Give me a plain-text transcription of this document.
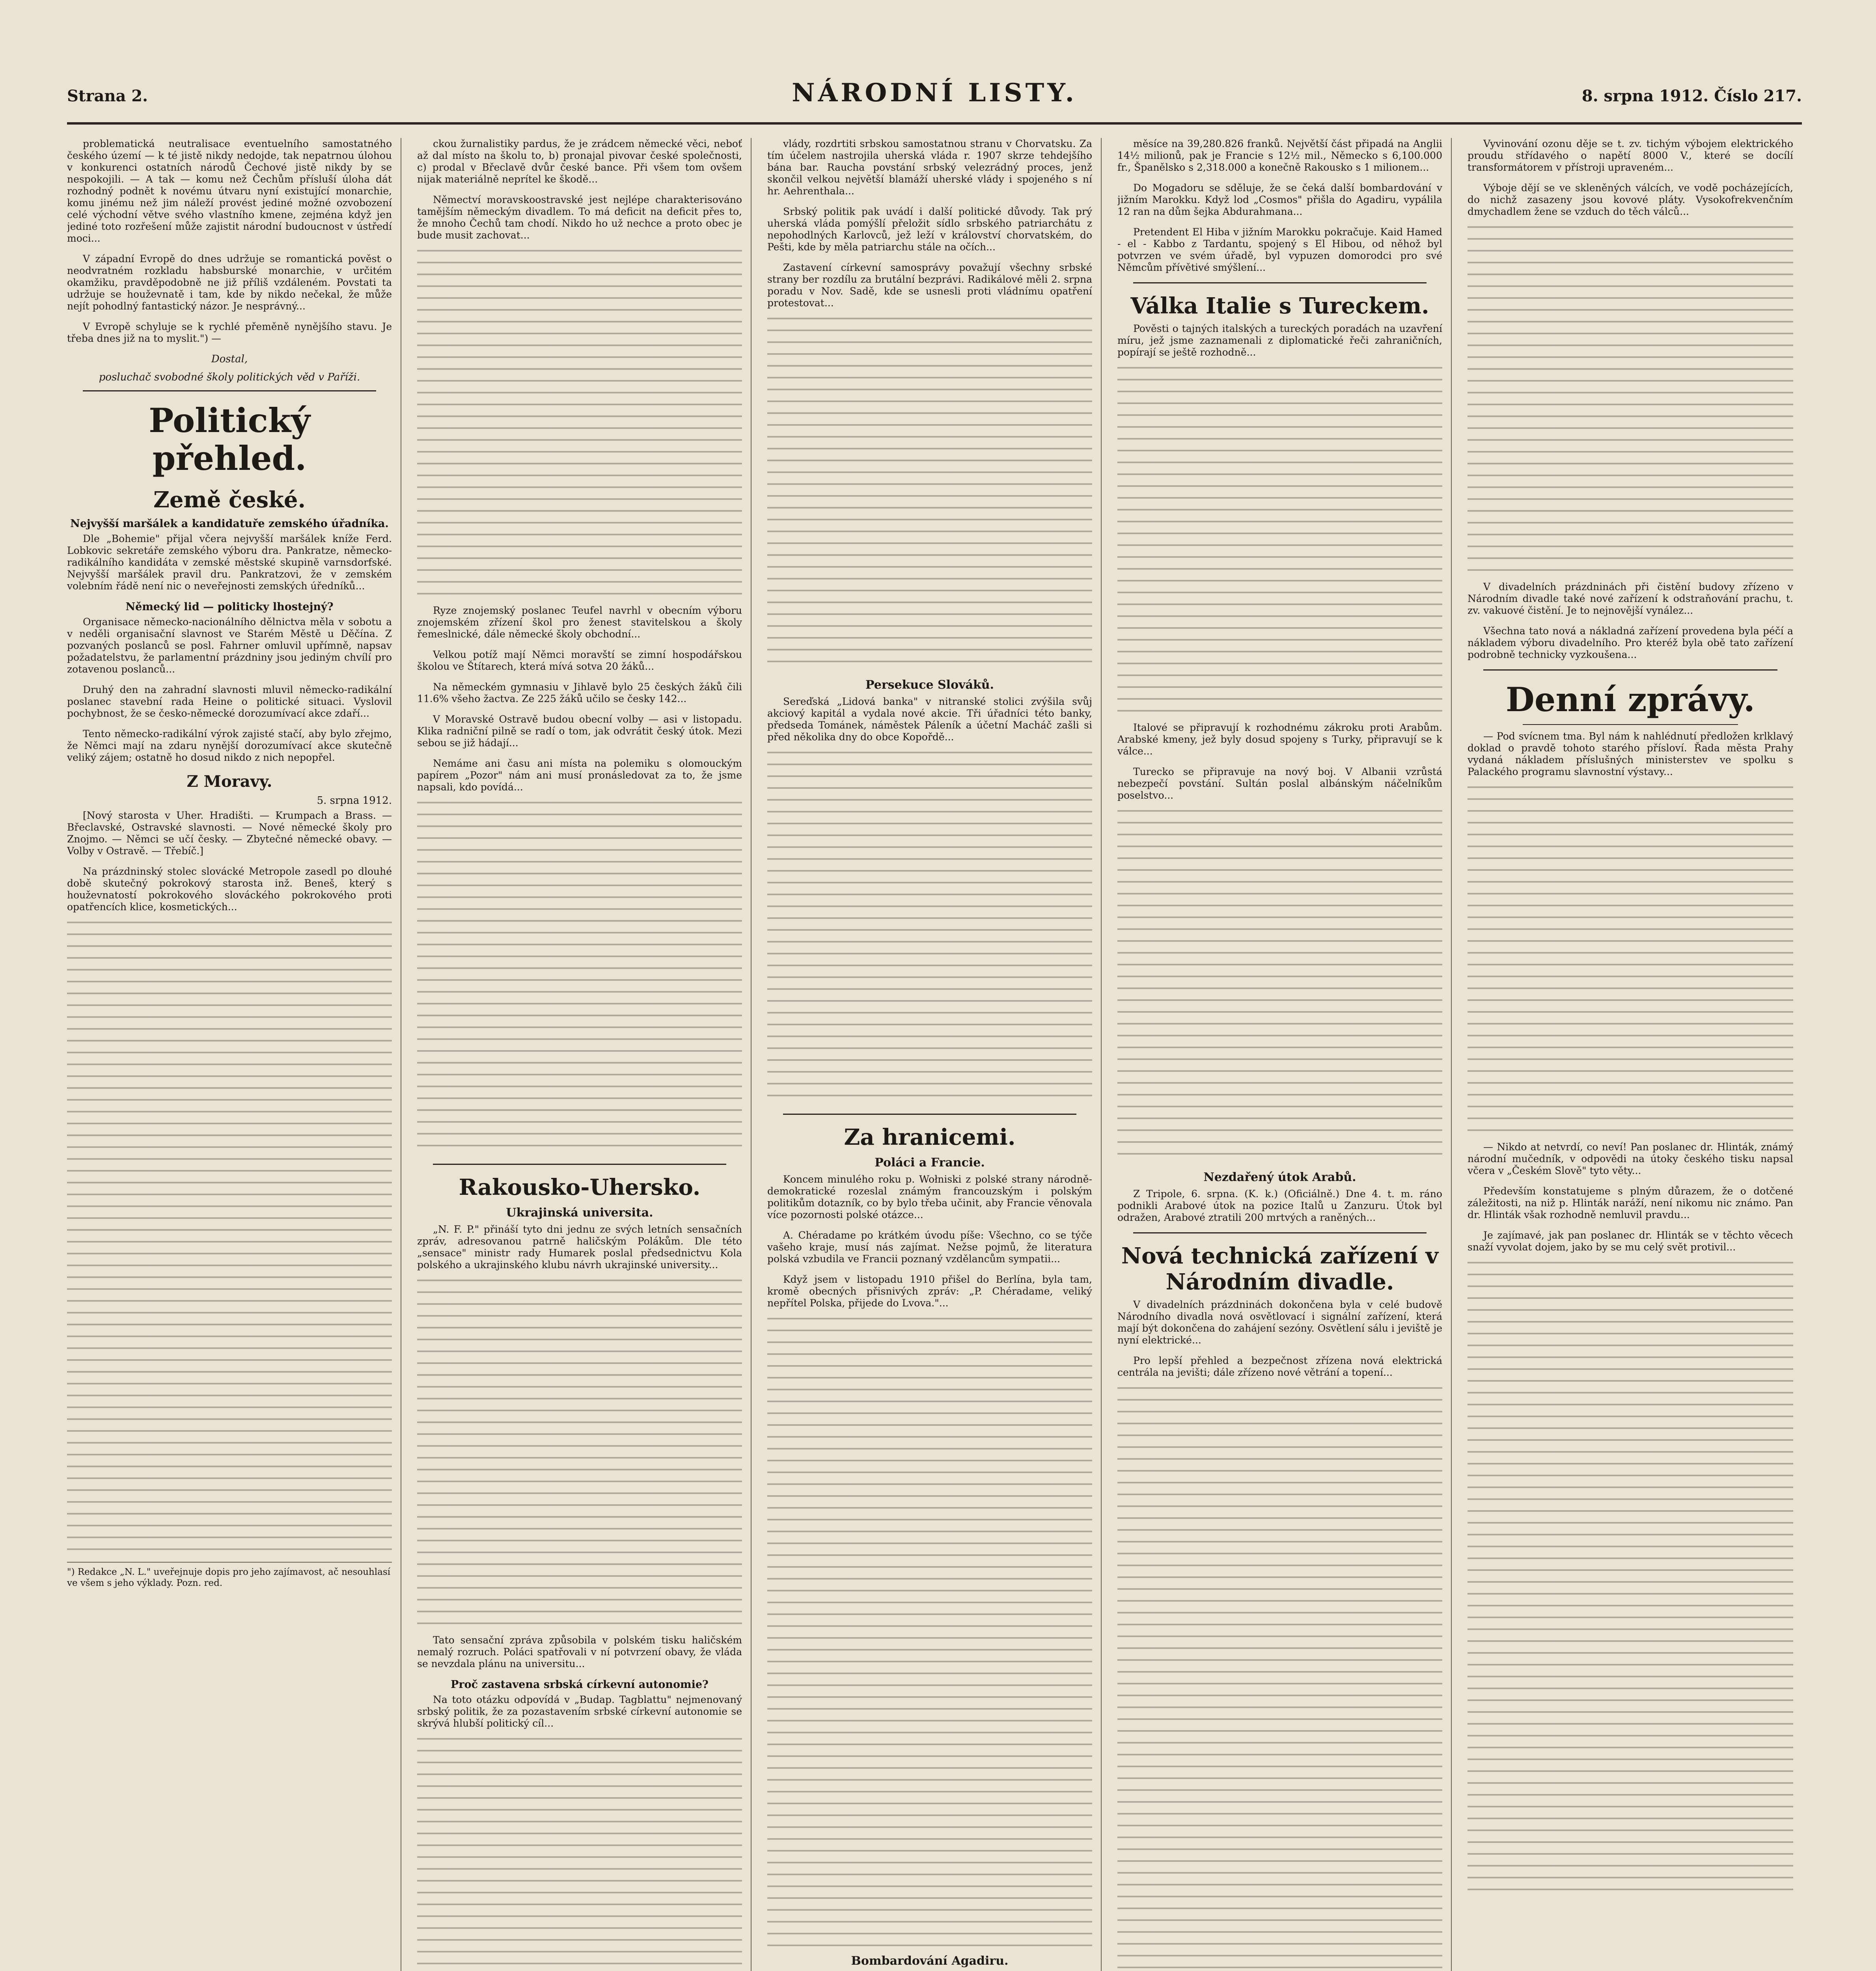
Strana 2.	NÁRODNÍ LISTY.	8. srpna 1912. Číslo 217.

problematická neutralisace eventuelního samostatného českého území — k té jistě nikdy nedojde, tak nepatrnou úlohou v konkurenci ostatních národů Čechové jistě nikdy by se nespokojili. — A tak — komu než Čechům přísluší úloha dát rozhodný podnět k novému útvaru nyní existující monarchie, komu jinému než jim náleží provést jediné možné ozvobození celé východní větve svého vlastního kmene, zejména když jen jediné toto rozřešení může zajistit národní budoucnost v ústředí moci...

V západní Evropě do dnes udržuje se romantická pověst o neodvratném rozkladu habsburské monarchie, v určitém okamžiku, pravděpodobně ne již příliš vzdáleném. Povstati ta udržuje se houževnatě i tam, kde by nikdo nečekal, že může nejít pohodlný fantastický názor. Je nesprávný...

V Evropě schyluje se k rychlé přeměně nynějšího stavu. Je třeba dnes již na to myslit.") —

Dostal,
posluchač svobodné školy politických věd v Paříži.
Politický přehled.
Země české.
Nejvyšší maršálek a kandidatuře zemského úřadníka.

Dle „Bohemie" přijal včera nejvyšší maršálek kníže Ferd. Lobkovic sekretáře zemského výboru dra. Pankratze, německo-radikálního kandidáta v zemské městské skupině varnsdorfské. Nejvyšší maršálek pravil dru. Pankratzovi, že v zemském volebním řádě není nic o neveřejnosti zemských úředníků...

Německý lid — politicky lhostejný?

Organisace německo-nacionálního dělnictva měla v sobotu a v neděli organisační slavnost ve Starém Městě u Děčína. Z pozvaných poslanců se posl. Fahrner omluvil upřímně, napsav požadatelstvu, že parlamentní prázdniny jsou jediným chvílí pro zotavenou poslanců...

Druhý den na zahradní slavnosti mluvil německo-radikální poslanec stavební rada Heine o politické situaci. Vyslovil pochybnost, že se česko-německé dorozumívací akce zdaří...

Tento německo-radikální výrok zajisté stačí, aby bylo zřejmo, že Němci mají na zdaru nynější dorozumívací akce skutečně veliký zájem; ostatně ho dosud nikdo z nich nepopřel.

Z Moravy.
5. srpna 1912.

[Nový starosta v Uher. Hradišti. — Krumpach a Brass. — Břeclavské, Ostravské slavnosti. — Nové německé školy pro Znojmo. — Němci se učí česky. — Zbytečné německé obavy. — Volby v Ostravě. — Třebíč.]

Na prázdninský stolec slovácké Metropole zasedl po dlouhé době skutečný pokrokový starosta inž. Beneš, který s houževnatostí pokrokového slováckého pokrokového proti opatřencích klice, kosmetických...

") Redakce „N. L." uveřejnuje dopis pro jeho zajímavost, ač nesouhlasí ve všem s jeho výklady. Pozn. red.

ckou žurnalistiky pardus, že je zrádcem německé věci, neboť až dal místo na školu to, b) pronajal pivovar české společnosti, c) prodal v Břeclavě dvůr české bance. Při všem tom ovšem nijak materiálně neprítel ke škodě...

Němectví moravskoostravské jest nejlépe charakterisováno tamějším německým divadlem. To má deficit na deficit přes to, že mnoho Čechů tam chodí. Nikdo ho už nechce a proto obec je bude musit zachovat...

Ryze znojemský poslanec Teufel navrhl v obecním výboru znojemském zřízení škol pro ženest stavitelskou a školy řemeslnické, dále německé školy obchodní...

Velkou potíž mají Němci moravští se zimní hospodářskou školou ve Štítarech, která mívá sotva 20 žáků...

Na německém gymnasiu v Jihlavě bylo 25 českých žáků čili 11.6% všeho žactva. Ze 225 žáků učilo se česky 142...

V Moravské Ostravě budou obecní volby — asi v listopadu. Klika radniční pilně se radí o tom, jak odvrátit český útok. Mezi sebou se již hádají...

Nemáme ani času ani místa na polemiku s olomouckým papírem „Pozor" nám ani musí pronásledovat za to, že jsme napsali, kdo povídá...

Rakousko-Uhersko.
Ukrajinská universita.

„N. F. P." přináší tyto dni jednu ze svých letních sensačních zpráv, adresovanou patrně haličským Polákům. Dle této „sensace" ministr rady Humarek poslal předsednictvu Kola polského a ukrajinského klubu návrh ukrajinské university...

Tato sensační zpráva způsobila v polském tisku haličském nemalý rozruch. Poláci spatřovali v ní potvrzení obavy, že vláda se nevzdala plánu na universitu...

Proč zastavena srbská církevní autonomie?

Na toto otázku odpovídá v „Budap. Tagblattu" nejmenovaný srbský politik, že za pozastavením srbské církevní autonomie se skrývá hlubší politický cíl...

vlády, rozdrtiti srbskou samostatnou stranu v Chorvatsku. Za tím účelem nastrojila uherská vláda r. 1907 skrze tehdejšího bána bar. Raucha povstání srbský velezrádný proces, jenž skončil velkou největší blamáží uherské vlády i spojeného s ní hr. Aehrenthala...

Srbský politik pak uvádí i další politické důvody. Tak prý uherská vláda pomýšlí přeložit sídlo srbského patriarchátu z nepohodlných Karlovců, jež leží v království chorvatském, do Pešti, kde by měla patriarchu stále na očích...

Zastavení církevní samosprávy považují všechny srbské strany ber rozdílu za brutální bezprávi. Radikálové měli 2. srpna poradu v Nov. Sadě, kde se usnesli proti vládnímu opatření protestovat...

Persekuce Slováků.

Sereďská „Lidová banka" v nitranské stolici zvýšila svůj akciový kapitál a vydala nové akcie. Tři úřadníci této banky, předseda Tománek, náměstek Páleník a účetní Macháč zašli si před několika dny do obce Kopořdě...

Za hranicemi.
Poláci a Francie.

Koncem minulého roku p. Wołniski z polské strany národně-demokratické rozeslal známým francouzským i polským politikům dotazník, co by bylo třeba učinit, aby Francie věnovala více pozornosti polské otázce...

A. Chéradame po krátkém úvodu píše: Všechno, co se týče vašeho kraje, musí nás zajímat. Nežse pojmů, že literatura polská vzbudila ve Francii poznaný vzdělancům sympatii...

Když jsem v listopadu 1910 přišel do Berlína, byla tam, kromě obecných přisnivých zpráv: „P. Chéradame, veliký nepřítel Polska, přijede do Lvova."...

Bombardování Agadiru.

měsíce na 39,280.826 franků. Největší část připadá na Anglii 14½ milionů, pak je Francie s 12½ mil., Německo s 6,100.000 fr., Španělsko s 2,318.000 a konečně Rakousko s 1 milionem...

Do Mogadoru se sděluje, že se čeká další bombardování v jižním Marokku. Když lod „Cosmos" přišla do Agadiru, vypálila 12 ran na dům šejka Abdurahmana...

Pretendent El Hiba v jižním Marokku pokračuje. Kaid Hamed - el - Kabbo z Tardantu, spojený s El Hibou, od něhož byl potvrzen ve svém úřadě, byl vypuzen domorodci pro své Němcům přívětivé smýšlení...

Válka Italie s Tureckem.

Pověsti o tajných italských a tureckých poradách na uzavření míru, jež jsme zaznamenali z diplomatické řeči zahraničních, popírají se ještě rozhodně...

Italové se připravují k rozhodnému zákroku proti Arabům. Arabské kmeny, jež byly dosud spojeny s Turky, připravují se k válce...

Turecko se připravuje na nový boj. V Albanii vzrůstá nebezpečí povstání. Sultán poslal albánským náčelníkům poselstvo...

Nezdařený útok Arabů.

Z Tripole, 6. srpna. (K. k.) (Oficiálně.) Dne 4. t. m. ráno podnikli Arabové útok na pozice Italů u Zanzuru. Útok byl odražen, Arabové ztratili 200 mrtvých a raněných...

Nová technická zařízení v Národním divadle.

V divadelních prázdninách dokončena byla v celé budově Národního divadla nová osvětlovací i signální zařízení, která mají být dokončena do zahájení sezóny. Osvětlení sálu i jeviště je nyní elektrické...

Pro lepší přehled a bezpečnost zřízena nová elektrická centrála na jevišti; dále zřízeno nové větrání a topení...

Vyvinování ozonu děje se t. zv. tichým výbojem elektrického proudu střídavého o napětí 8000 V., které se docílí transformátorem v přístroji upraveném...

Výboje dějí se ve skleněných válcích, ve vodě pocházejících, do nichž zasazeny jsou kovové pláty. Vysokofrekvenčním dmychadlem žene se vzduch do těch válců...

V divadelních prázdninách při čistění budovy zřízeno v Národním divadle také nové zařízení k odstraňování prachu, t. zv. vakuové čistění. Je to nejnovější vynález...

Všechna tato nová a nákladná zařízení provedena byla péčí a nákladem výboru divadelního. Pro kteréž byla obě tato zařízení podrobně technicky vyzkoušena...

Denní zprávy.

— Pod svícnem tma. Byl nám k nahlédnutí předložen krlklavý doklad o pravdě tohoto starého přísloví. Řada města Prahy vydaná nákladem příslušných ministerstev ve spolku s Palackého programu slavnostní výstavy...

— Nikdo at netvrdí, co neví! Pan poslanec dr. Hlinták, známý národní mučedník, v odpovědi na útoky českého tisku napsal včera v „Českém Slově" tyto věty...

Především konstatujeme s plným důrazem, že o dotčené záležitosti, na niž p. Hlinták naráží, není nikomu nic známo. Pan dr. Hlinták však rozhodně nemluvil pravdu...

Je zajímavé, jak pan poslanec dr. Hlinták se v těchto věcech snaží vyvolat dojem, jako by se mu celý svět protivil...
